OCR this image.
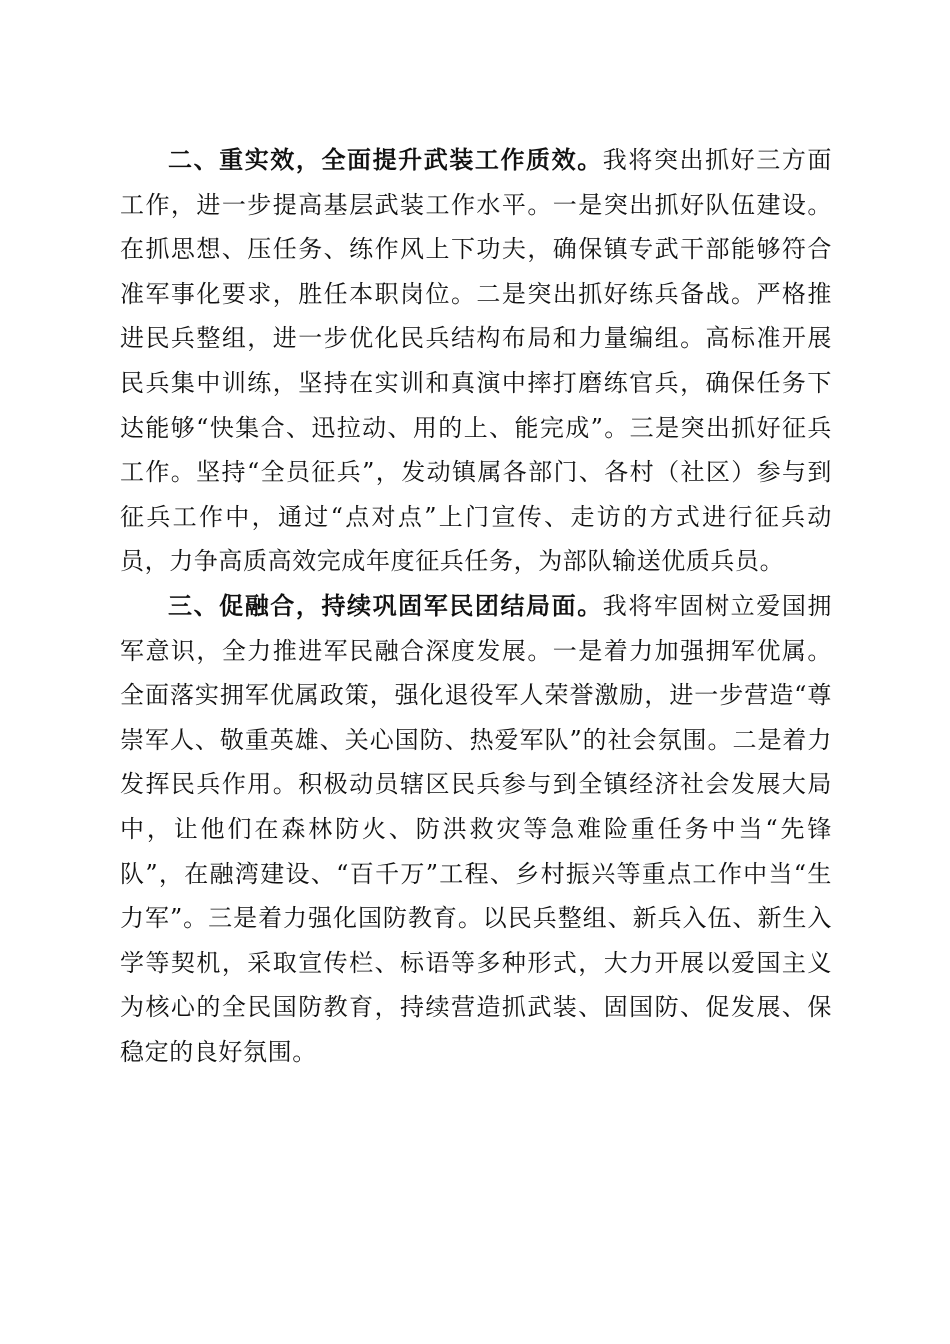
二、重实效，全面提升武装工作质效。我将突出抓好三方面工作，进一步提高基层武装工作水平。一是突出抓好队伍建设。在抓思想、压任务、练作风上下功夫，确保镇专武干部能够符合准军事化要求，胜任本职岗位。二是突出抓好练兵备战。严格推进民兵整组，进一步优化民兵结构布局和力量编组。高标准开展民兵集中训练，坚持在实训和真演中摔打磨练官兵，确保任务下达能够“快集合、迅拉动、用的上、能完成”。三是突出抓好征兵工作。坚持“全员征兵”，发动镇属各部门、各村（社区）参与到征兵工作中，通过“点对点”上门宣传、走访的方式进行征兵动员，力争高质高效完成年度征兵任务，为部队输送优质兵员。

三、促融合，持续巩固军民团结局面。我将牢固树立爱国拥军意识，全力推进军民融合深度发展。一是着力加强拥军优属。全面落实拥军优属政策，强化退役军人荣誉激励，进一步营造“尊崇军人、敬重英雄、关心国防、热爱军队”的社会氛围。二是着力发挥民兵作用。积极动员辖区民兵参与到全镇经济社会发展大局中，让他们在森林防火、防洪救灾等急难险重任务中当“先锋队”，在融湾建设、“百千万”工程、乡村振兴等重点工作中当“生力军”。三是着力强化国防教育。以民兵整组、新兵入伍、新生入学等契机，采取宣传栏、标语等多种形式，大力开展以爱国主义为核心的全民国防教育，持续营造抓武装、固国防、促发展、保稳定的良好氛围。
